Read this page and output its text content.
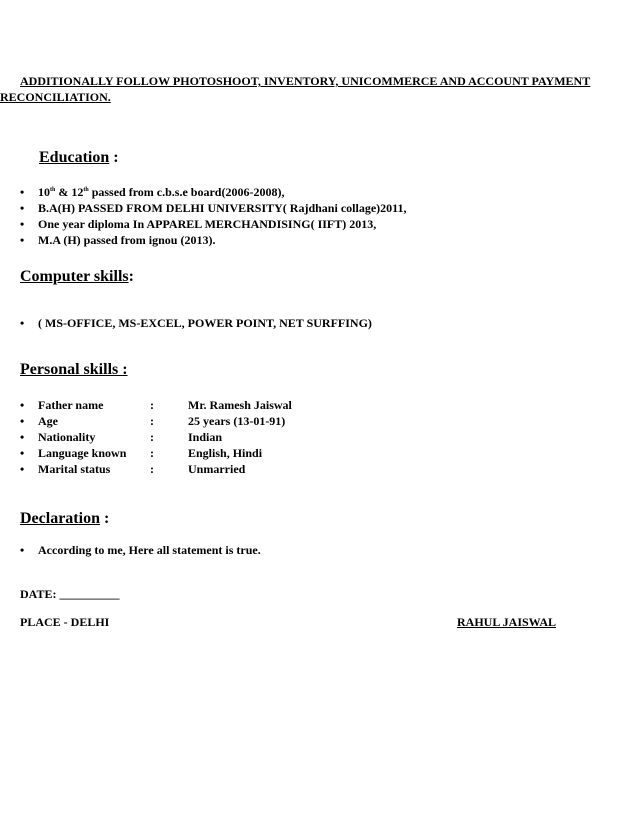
ADDITIONALLY FOLLOW PHOTOSHOOT, INVENTORY, UNICOMMERCE AND ACCOUNT PAYMENT
RECONCILIATION.
Education :
• 10th & 12th passed from c.b.s.e board(2006-2008),
• B.A(H) PASSED FROM DELHI UNIVERSITY( Rajdhani collage)2011,
• One year diploma In APPAREL MERCHANDISING( IIFT) 2013,
• M.A (H) passed from ignou (2013).
Computer skills:
• ( MS-OFFICE, MS-EXCEL, POWER POINT, NET SURFFING)
Personal skills :
• Father name	:	Mr. Ramesh Jaiswal
• Age	:	25 years (13-01-91)
• Nationality	:	Indian
• Language known	:	English, Hindi
• Marital status	:	Unmarried
Declaration :
• According to me, Here all statement is true.
DATE: __________
PLACE - DELHI	RAHUL JAISWAL
